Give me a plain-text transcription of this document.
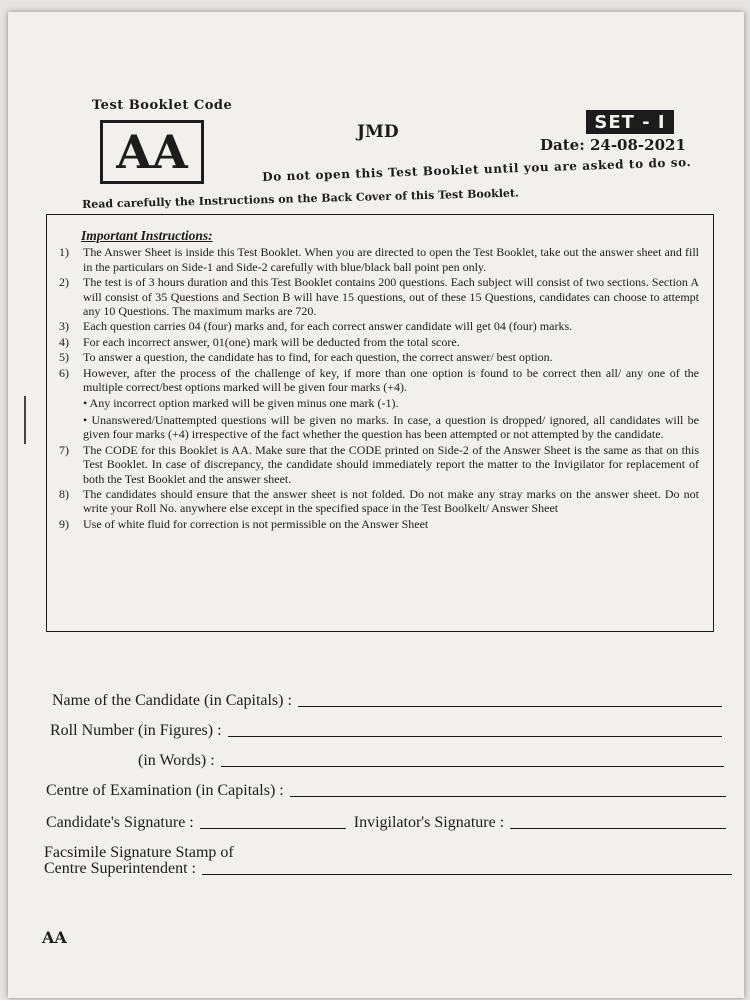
Test Booklet Code
AA	JMD	SET - I
Date: 24-08-2021
Do not open this Test Booklet until you are asked to do so.
Read carefully the Instructions on the Back Cover of this Test Booklet.
Important Instructions:
1)	The Answer Sheet is inside this Test Booklet. When you are directed to open the Test Booklet, take out the answer sheet and fill in the particulars on Side-1 and Side-2 carefully with blue/black ball point pen only.
2)	The test is of 3 hours duration and this Test Booklet contains 200 questions. Each subject will consist of two sections. Section A will consist of 35 Questions and Section B will have 15 questions, out of these 15 Questions, candidates can choose to attempt any 10 Questions. The maximum marks are 720.
3)	Each question carries 04 (four) marks and, for each correct answer candidate will get 04 (four) marks.
4)	For each incorrect answer, 01(one) mark will be deducted from the total score.
5)	To answer a question, the candidate has to find, for each question, the correct answer/ best option.
6)	However, after the process of the challenge of key, if more than one option is found to be correct then all/ any one of the multiple correct/best options marked will be given four marks (+4).
• Any incorrect option marked will be given minus one mark (-1).
• Unanswered/Unattempted questions will be given no marks. In case, a question is dropped/ ignored, all candidates will be given four marks (+4) irrespective of the fact whether the question has been attempted or not attempted by the candidate.
7)	The CODE for this Booklet is AA. Make sure that the CODE printed on Side-2 of the Answer Sheet is the same as that on this Test Booklet. In case of discrepancy, the candidate should immediately report the matter to the Invigilator for replacement of both the Test Booklet and the answer sheet.
8)	The candidates should ensure that the answer sheet is not folded. Do not make any stray marks on the answer sheet. Do not write your Roll No. anywhere else except in the specified space in the Test Boolkelt/ Answer Sheet
9)	Use of white fluid for correction is not permissible on the Answer Sheet
Name of the Candidate (in Capitals) :
Roll Number (in Figures) :
(in Words) :
Centre of Examination (in Capitals) :
Candidate's Signature :	Invigilator's Signature :
Facsimile Signature Stamp of
Centre Superintendent :
AA
